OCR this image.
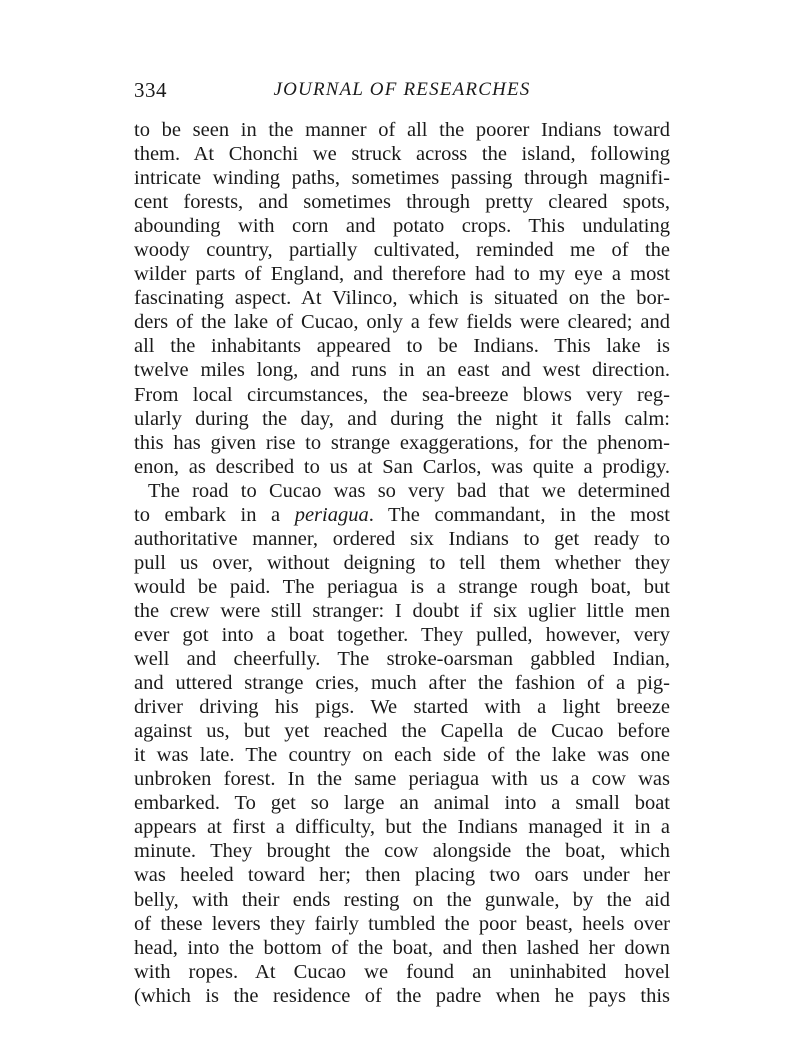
334	JOURNAL OF RESEARCHES
to be seen in the manner of all the poorer Indians toward
them. At Chonchi we struck across the island, following
intricate winding paths, sometimes passing through magnifi-
cent forests, and sometimes through pretty cleared spots,
abounding with corn and potato crops. This undulating
woody country, partially cultivated, reminded me of the
wilder parts of England, and therefore had to my eye a most
fascinating aspect. At Vilinco, which is situated on the bor-
ders of the lake of Cucao, only a few fields were cleared; and
all the inhabitants appeared to be Indians. This lake is
twelve miles long, and runs in an east and west direction.
From local circumstances, the sea-breeze blows very reg-
ularly during the day, and during the night it falls calm:
this has given rise to strange exaggerations, for the phenom-
enon, as described to us at San Carlos, was quite a prodigy.
The road to Cucao was so very bad that we determined
to embark in a periagua. The commandant, in the most
authoritative manner, ordered six Indians to get ready to
pull us over, without deigning to tell them whether they
would be paid. The periagua is a strange rough boat, but
the crew were still stranger: I doubt if six uglier little men
ever got into a boat together. They pulled, however, very
well and cheerfully. The stroke-oarsman gabbled Indian,
and uttered strange cries, much after the fashion of a pig-
driver driving his pigs. We started with a light breeze
against us, but yet reached the Capella de Cucao before
it was late. The country on each side of the lake was one
unbroken forest. In the same periagua with us a cow was
embarked. To get so large an animal into a small boat
appears at first a difficulty, but the Indians managed it in a
minute. They brought the cow alongside the boat, which
was heeled toward her; then placing two oars under her
belly, with their ends resting on the gunwale, by the aid
of these levers they fairly tumbled the poor beast, heels over
head, into the bottom of the boat, and then lashed her down
with ropes. At Cucao we found an uninhabited hovel
(which is the residence of the padre when he pays this
